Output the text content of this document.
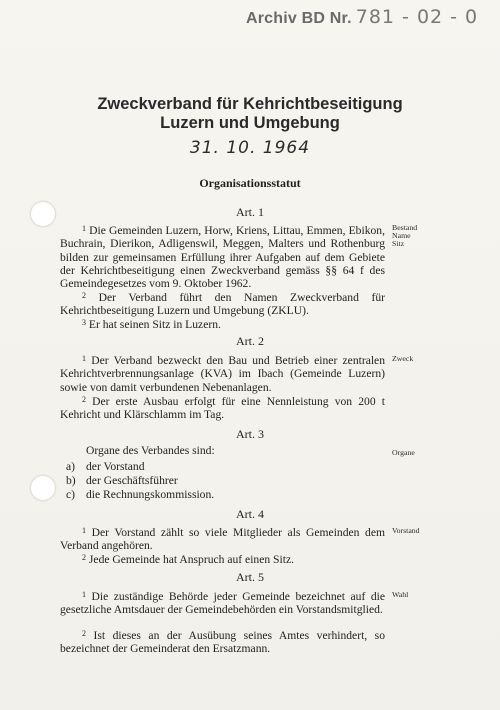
Archiv BD Nr. 781 - 02 - 0
Zweckverband für Kehrichtbeseitigung
Luzern und Umgebung
31. 10. 1964
Organisationsstatut
Art. 1
$^1$ Die Gemeinden Luzern, Horw, Kriens, Littau, Emmen, Ebikon, Buchrain, Dierikon, Adligenswil, Meggen, Malters und Rothenburg bilden zur gemeinsamen Erfüllung ihrer Aufgaben auf dem Gebiete der Kehrichtbeseitigung einen Zweckverband gemäss §§ 64 f des Gemeindegesetzes vom 9. Oktober 1962.
$^2$ Der Verband führt den Namen Zweckverband für Kehrichtbeseitigung Luzern und Umgebung (ZKLU).
$^3$ Er hat seinen Sitz in Luzern.
Bestand
Name
Sitz
Art. 2
$^1$ Der Verband bezweckt den Bau und Betrieb einer zentralen Kehrichtverbrennungsanlage (KVA) im Ibach (Gemeinde Luzern) sowie von damit verbundenen Nebenanlagen.
$^2$ Der erste Ausbau erfolgt für eine Nennleistung von 200 t Kehricht und Klärschlamm im Tag.
Zweck
Art. 3
Organe des Verbandes sind:
a) der Vorstand
b) der Geschäftsführer
c) die Rechnungskommission.
Organe
Art. 4
$^1$ Der Vorstand zählt so viele Mitglieder als Gemeinden dem Verband angehören.
$^2$ Jede Gemeinde hat Anspruch auf einen Sitz.
Vorstand
Art. 5
$^1$ Die zuständige Behörde jeder Gemeinde bezeichnet auf die gesetzliche Amtsdauer der Gemeindebehörden ein Vorstandsmitglied.
$^2$ Ist dieses an der Ausübung seines Amtes verhindert, so bezeichnet der Gemeinderat den Ersatzmann.
Wahl
